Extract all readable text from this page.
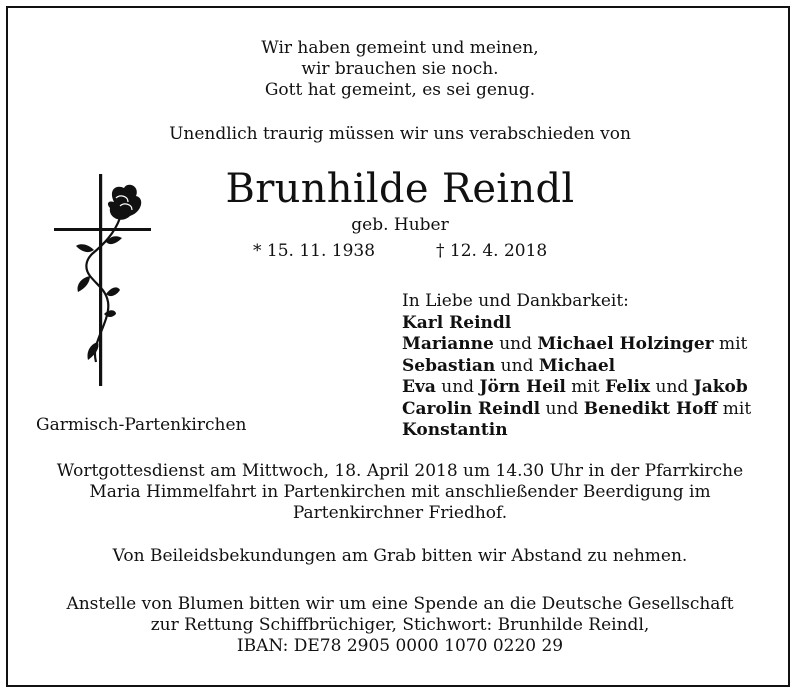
Wir haben gemeint und meinen,
wir brauchen sie noch.
Gott hat gemeint, es sei genug.
Unendlich traurig müssen wir uns verabschieden von
Brunhilde Reindl
geb. Huber
* 15. 11. 1938	† 12. 4. 2018
Garmisch-Partenkirchen
In Liebe und Dankbarkeit:
Karl Reindl
Marianne und Michael Holzinger mit
Sebastian und Michael
Eva und Jörn Heil mit Felix und Jakob
Carolin Reindl und Benedikt Hoff mit
Konstantin
Wortgottesdienst am Mittwoch, 18. April 2018 um 14.30 Uhr in der Pfarrkirche
Maria Himmelfahrt in Partenkirchen mit anschließender Beerdigung im
Partenkirchner Friedhof.
Von Beileidsbekundungen am Grab bitten wir Abstand zu nehmen.
Anstelle von Blumen bitten wir um eine Spende an die Deutsche Gesellschaft
zur Rettung Schiffbrüchiger, Stichwort: Brunhilde Reindl,
IBAN: DE78 2905 0000 1070 0220 29
